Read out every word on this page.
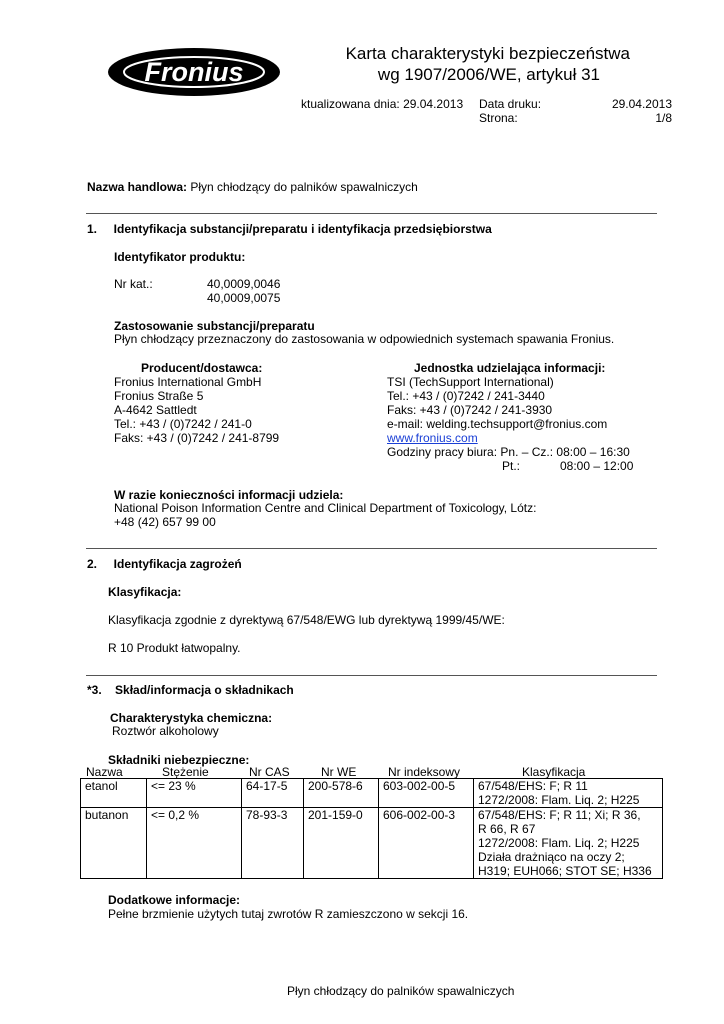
Fronius
Karta charakterystyki bezpieczeństwa
wg 1907/2006/WE, artykuł 31
ktualizowana dnia: 29.04.2013 Data druku:	29.04.2013
Strona:	1/8
Nazwa handlowa: Płyn chłodzący do palników spawalniczych
1.     Identyfikacja substancji/preparatu i identyfikacja przedsiębiorstwa
Identyfikator produktu:
Nr kat.:	40,0009,0046
40,0009,0075
Zastosowanie substancji/preparatu
Płyn chłodzący przeznaczony do zastosowania w odpowiednich systemach spawania Fronius.
Producent/dostawca:
Fronius International GmbH
Fronius Straße 5
A-4642 Sattledt
Tel.: +43 / (0)7242 / 241-0
Faks: +43 / (0)7242 / 241-8799
Jednostka udzielająca informacji:
TSI (TechSupport International)
Tel.: +43 / (0)7242 / 241-3440
Faks: +43 / (0)7242 / 241-3930
e-mail: welding.techsupport@fronius.com
www.fronius.com
Godziny pracy biura: Pn. – Cz.: 08:00 – 16:30
Pt.:	08:00 – 12:00
W razie konieczności informacji udziela:
National Poison Information Centre and Clinical Department of Toxicology, Lótz:
+48 (42) 657 99 00
2.     Identyfikacja zagrożeń
Klasyfikacja:
Klasyfikacja zgodnie z dyrektywą 67/548/EWG lub dyrektywą 1999/45/WE:
R 10 Produkt łatwopalny.
*3.    Skład/informacja o składnikach
Charakterystyka chemiczna:
Roztwór alkoholowy
Składniki niebezpieczne:
Nazwa	Stężenie	Nr CAS	Nr WE	Nr indeksowy	Klasyfikacja
etanol	<= 23 %	64-17-5	200-578-6	603-002-00-5	67/548/EHS: F; R 11
1272/2008: Flam. Liq. 2; H225

butanon	<= 0,2 %	78-93-3	201-159-0	606-002-00-3	67/548/EHS: F; R 11; Xi; R 36,
R 66, R 67
1272/2008: Flam. Liq. 2; H225
Działa drażniąco na oczy 2;
H319; EUH066; STOT SE; H336
Dodatkowe informacje:
Pełne brzmienie użytych tutaj zwrotów R zamieszczono w sekcji 16.
Płyn chłodzący do palników spawalniczych
